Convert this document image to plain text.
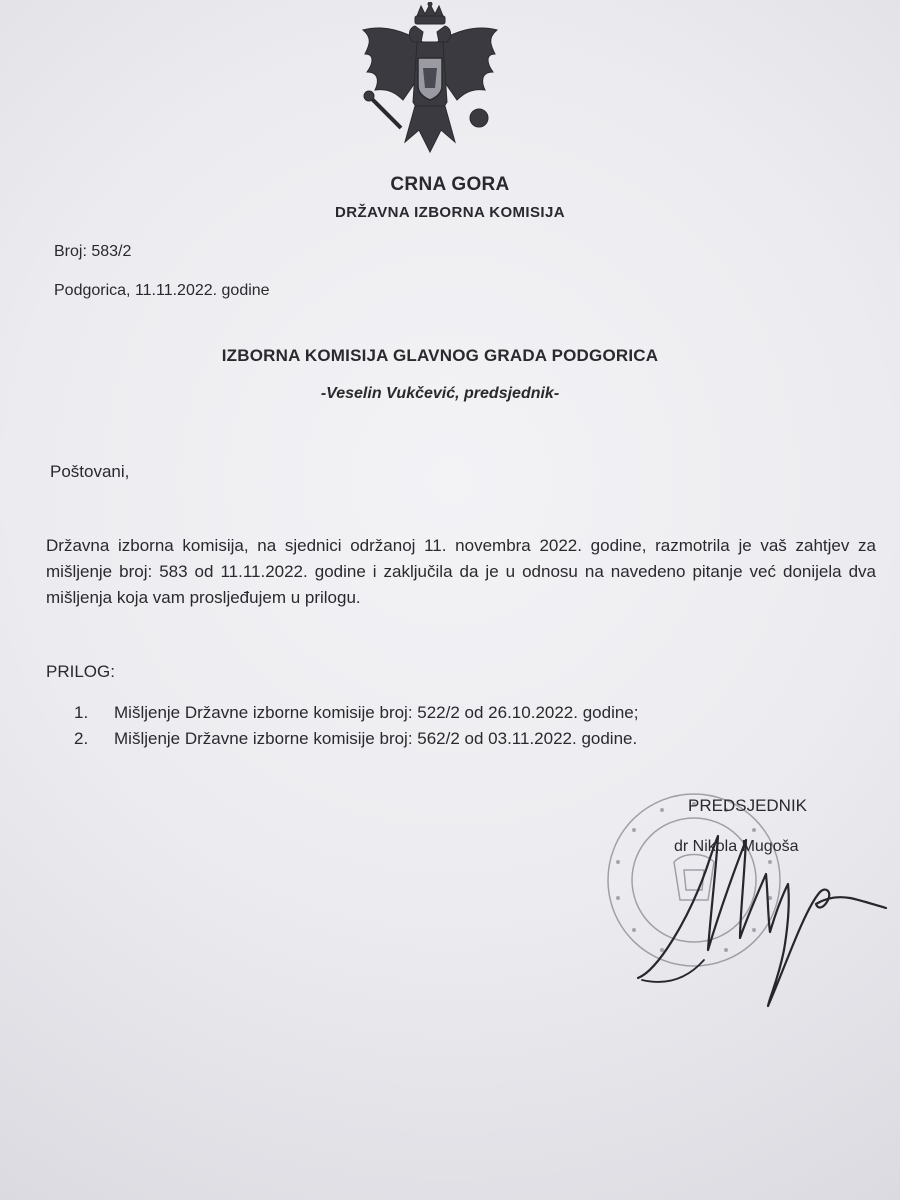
CRNA GORA
DRŽAVNA IZBORNA KOMISIJA
Broj: 583/2
Podgorica, 11.11.2022. godine
IZBORNA KOMISIJA GLAVNOG GRADA PODGORICA
-Veselin Vukčević, predsjednik-
Poštovani,
Državna izborna komisija, na sjednici održanoj 11. novembra 2022. godine, razmotrila je vaš zahtjev za mišljenje broj: 583 od 11.11.2022. godine i zaključila da je u odnosu na navedeno pitanje već donijela dva mišljenja koja vam prosljeđujem u prilogu.
PRILOG:
1. Mišljenje Državne izborne komisije broj: 522/2 od 26.10.2022. godine;
2. Mišljenje Državne izborne komisije broj: 562/2 od 03.11.2022. godine.
PREDSJEDNIK
dr Nikola Mugoša
